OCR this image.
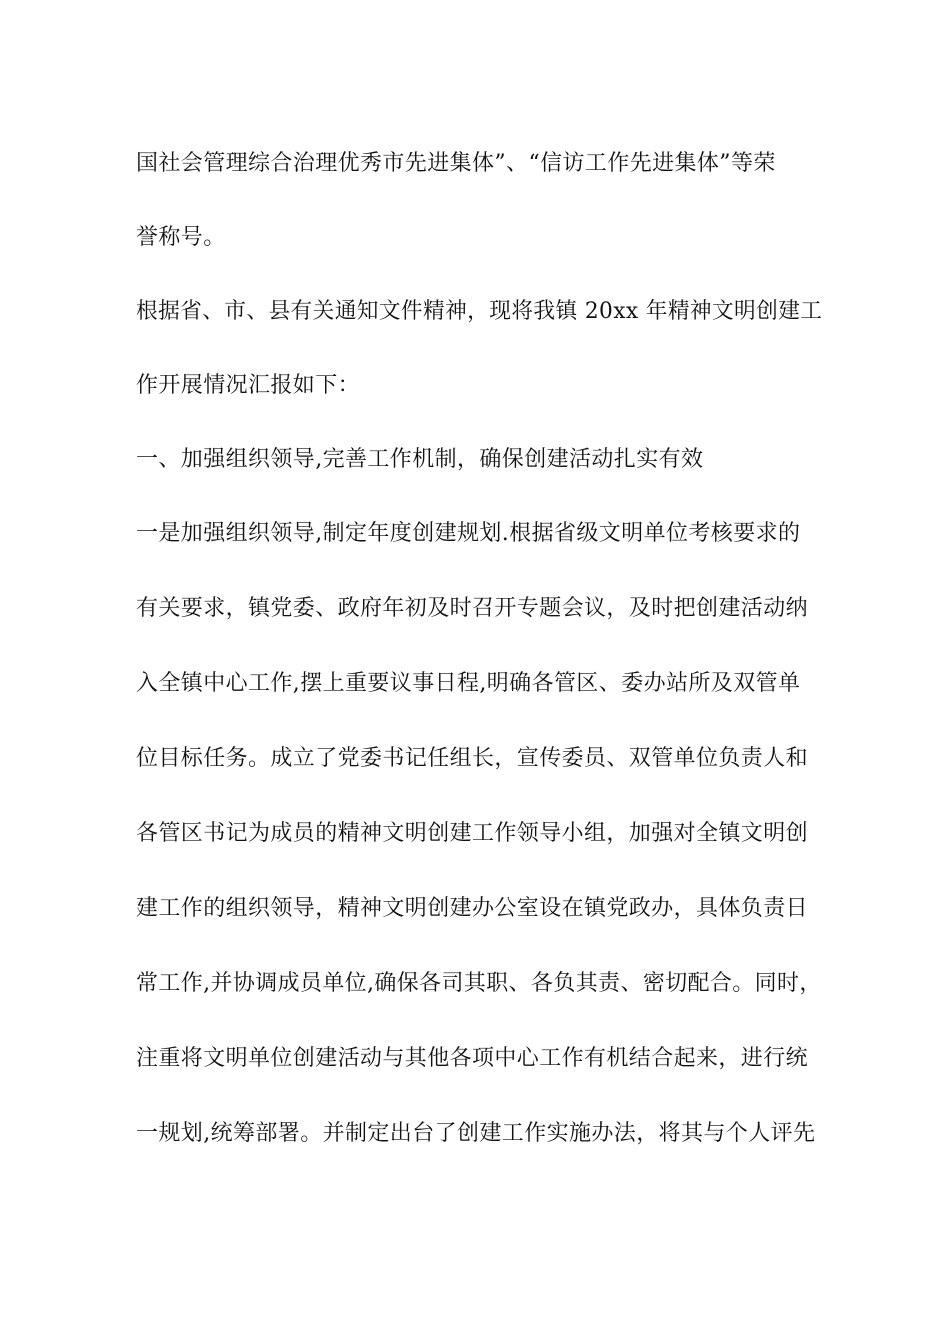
国社会管理综合治理优秀市先进集体”、“信访工作先进集体”等荣
誉称号。
根据省、市、县有关通知文件精神，现将我镇 20xx 年精神文明创建工
作开展情况汇报如下：
一、加强组织领导,完善工作机制，确保创建活动扎实有效
一是加强组织领导,制定年度创建规划.根据省级文明单位考核要求的
有关要求，镇党委、政府年初及时召开专题会议，及时把创建活动纳
入全镇中心工作,摆上重要议事日程,明确各管区、委办站所及双管单
位目标任务。成立了党委书记任组长，宣传委员、双管单位负责人和
各管区书记为成员的精神文明创建工作领导小组，加强对全镇文明创
建工作的组织领导，精神文明创建办公室设在镇党政办，具体负责日
常工作,并协调成员单位,确保各司其职、各负其责、密切配合。同时，
注重将文明单位创建活动与其他各项中心工作有机结合起来，进行统
一规划,统筹部署。并制定出台了创建工作实施办法，将其与个人评先
